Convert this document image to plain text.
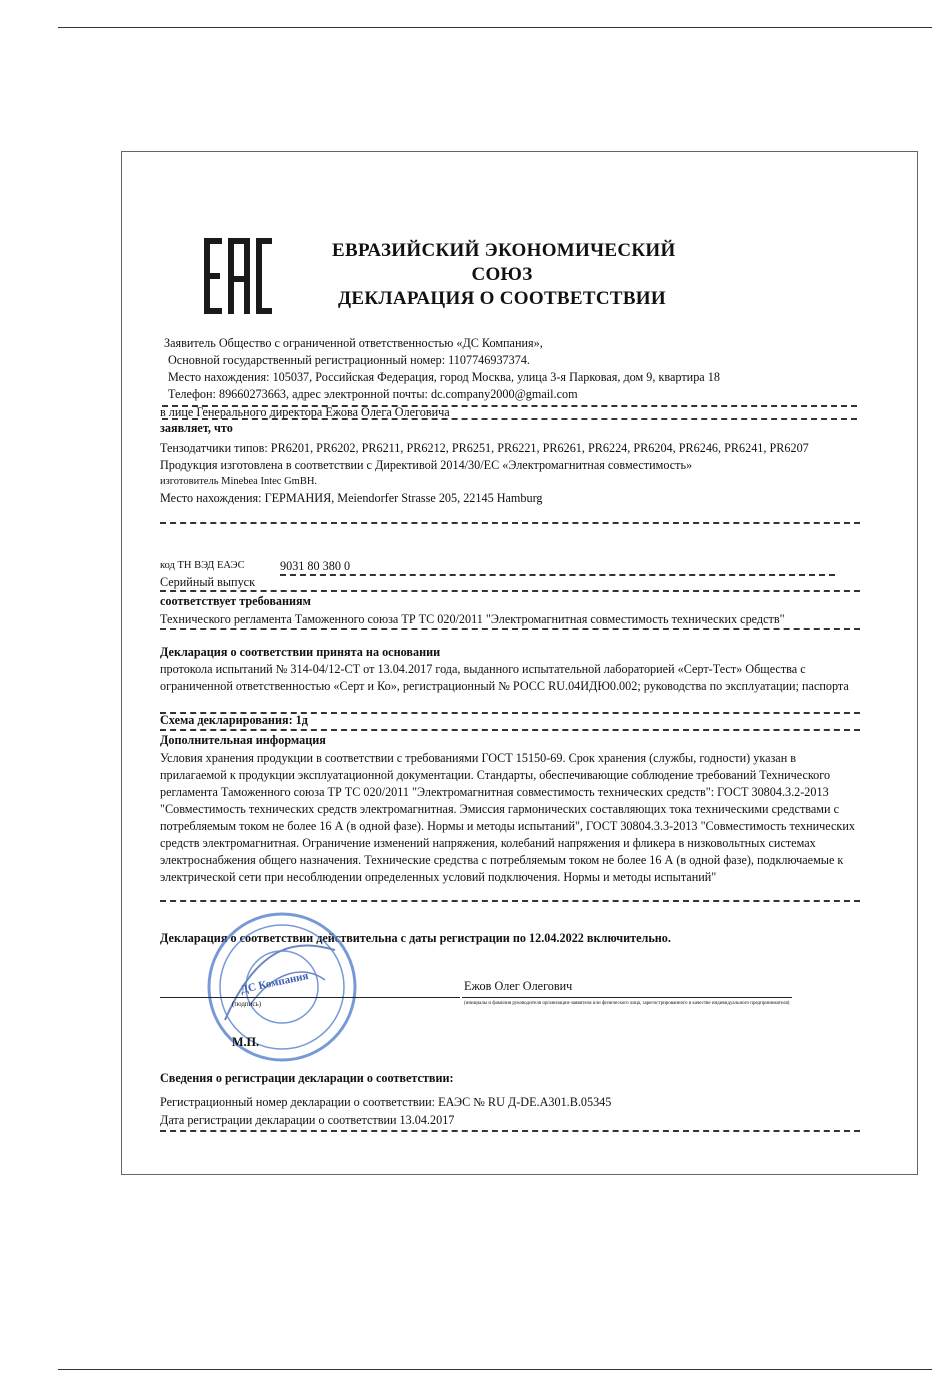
ЕВРАЗИЙСКИЙ ЭКОНОМИЧЕСКИЙ
СОЮЗ
ДЕКЛАРАЦИЯ О СООТВЕТСТВИИ
Заявитель Общество с ограниченной ответственностью «ДС Компания»,
Основной государственный регистрационный номер: 1107746937374.
Место нахождения: 105037, Российская Федерация, город Москва, улица 3-я Парковая, дом 9, квартира 18
Телефон: 89660273663, адрес электронной почты: dc.company2000@gmail.com
в лице Генерального директора Ежова Олега Олеговича
заявляет, что
Тензодатчики типов: PR6201, PR6202, PR6211, PR6212, PR6251, PR6221, PR6261, PR6224, PR6204, PR6246, PR6241, PR6207
Продукция изготовлена в соответствии с Директивой 2014/30/EC «Электромагнитная совместимость»
изготовитель Minebea Intec GmBH.
Место нахождения: ГЕРМАНИЯ, Meiendorfer Strasse 205, 22145 Hamburg
код ТН ВЭД ЕАЭС	9031 80 380 0
Серийный выпуск
соответствует требованиям
Технического регламента Таможенного союза ТР ТС 020/2011 "Электромагнитная совместимость технических средств"
Декларация о соответствии принята на основании
протокола испытаний № 314-04/12-СТ от 13.04.2017 года, выданного испытательной лабораторией «Серт-Тест» Общества с ограниченной ответственностью «Серт и Ко», регистрационный № РОСС RU.04ИДЮ0.002; руководства по эксплуатации; паспорта
Схема декларирования: 1д
Дополнительная информация
Условия хранения продукции в соответствии с требованиями ГОСТ 15150-69. Срок хранения (службы, годности) указан в прилагаемой к продукции эксплуатационной документации. Стандарты, обеспечивающие соблюдение требований Технического регламента Таможенного союза ТР ТС 020/2011 "Электромагнитная совместимость технических средств": ГОСТ 30804.3.2-2013 "Совместимость технических средств электромагнитная. Эмиссия гармонических составляющих тока техническими средствами с потребляемым током не более 16 А (в одной фазе). Нормы и методы испытаний", ГОСТ 30804.3.3-2013 "Совместимость технических средств электромагнитная. Ограничение изменений напряжения, колебаний напряжения и фликера в низковольтных системах электроснабжения общего назначения. Технические средства с потребляемым током не более 16 А (в одной фазе), подключаемые к электрической сети при несоблюдении определенных условий подключения. Нормы и методы испытаний"
Декларация о соответствии действительна с даты регистрации по 12.04.2022 включительно.
ДС Компания	Ежов Олег Олегович
(подпись)	(инициалы и фамилия руководителя организации-заявителя или физического лица, зарегистрированного в качестве индивидуального предпринимателя)
М.П.
Сведения о регистрации декларации о соответствии:
Регистрационный номер декларации о соответствии: ЕАЭС № RU Д-DE.A301.B.05345
Дата регистрации декларации о соответствии 13.04.2017
